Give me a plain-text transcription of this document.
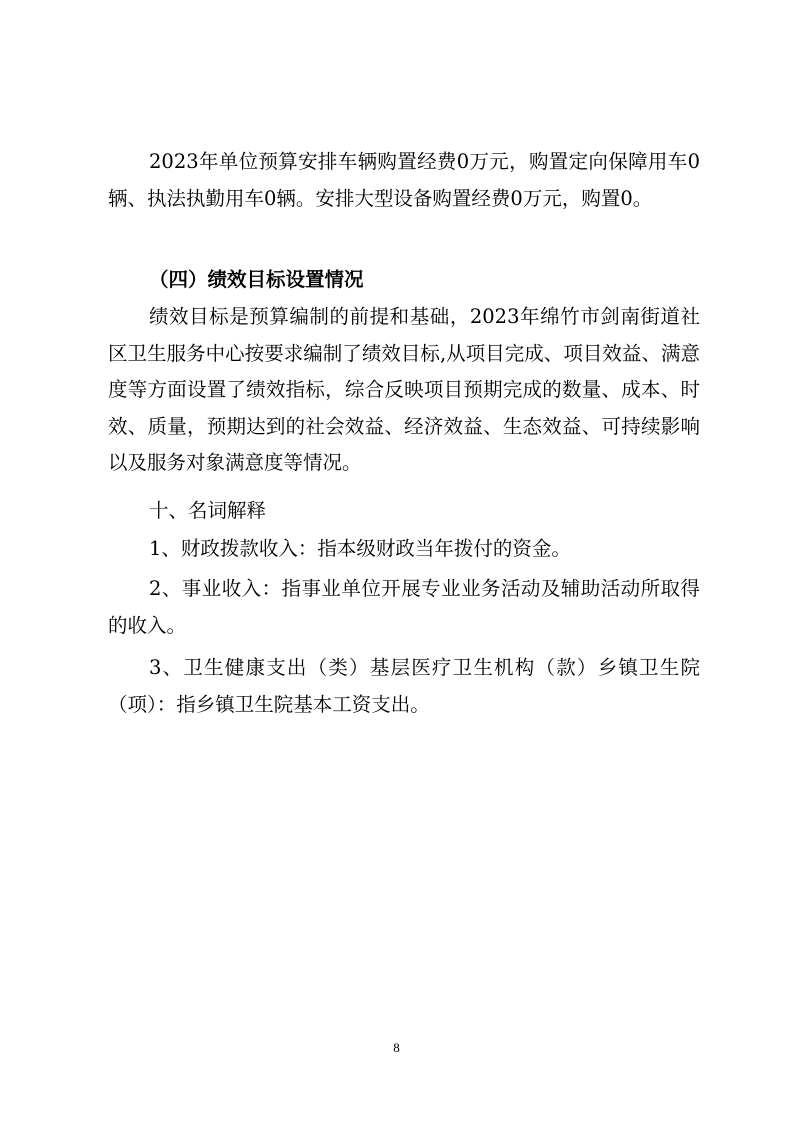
2023年单位预算安排车辆购置经费0万元，购置定向保障用车0辆、执法执勤用车0辆。安排大型设备购置经费0万元，购置0。

（四）绩效目标设置情况

绩效目标是预算编制的前提和基础，2023年绵竹市剑南街道社区卫生服务中心按要求编制了绩效目标,从项目完成、项目效益、满意度等方面设置了绩效指标，综合反映项目预期完成的数量、成本、时效、质量，预期达到的社会效益、经济效益、生态效益、可持续影响以及服务对象满意度等情况。

十、名词解释

1、财政拨款收入：指本级财政当年拨付的资金。

2、事业收入：指事业单位开展专业业务活动及辅助活动所取得的收入。

3、卫生健康支出（类）基层医疗卫生机构（款）乡镇卫生院（项）：指乡镇卫生院基本工资支出。

8
